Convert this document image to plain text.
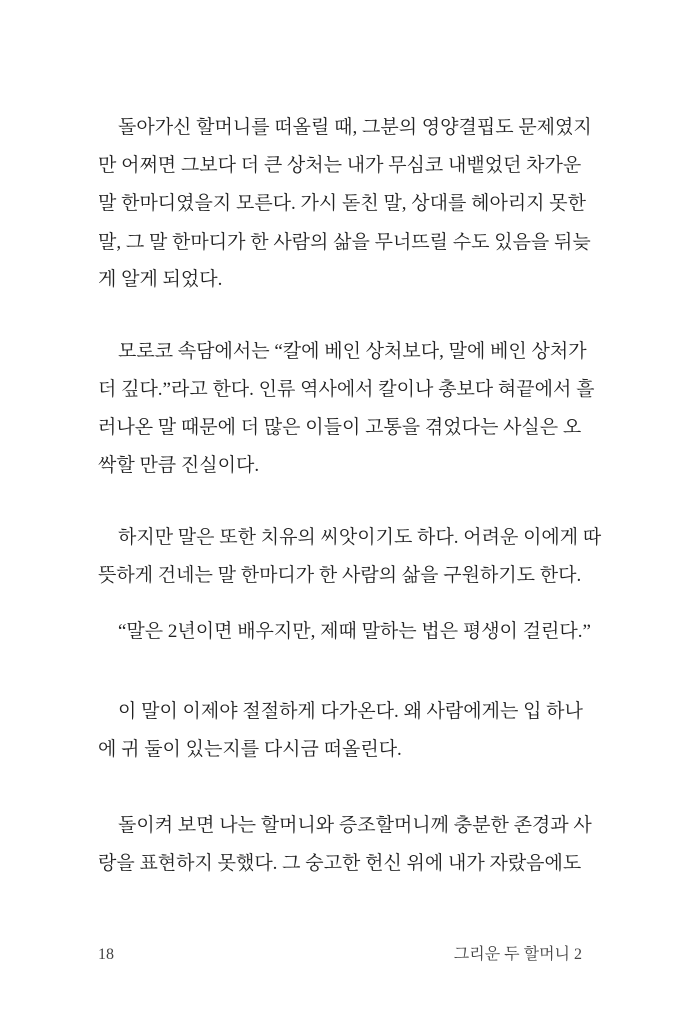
돌아가신 할머니를 떠올릴 때, 그분의 영양결핍도 문제였지
만 어쩌면 그보다 더 큰 상처는 내가 무심코 내뱉었던 차가운
말 한마디였을지 모른다. 가시 돋친 말, 상대를 헤아리지 못한
말, 그 말 한마디가 한 사람의 삶을 무너뜨릴 수도 있음을 뒤늦
게 알게 되었다.
모로코 속담에서는 “칼에 베인 상처보다, 말에 베인 상처가
더 깊다.”라고 한다. 인류 역사에서 칼이나 총보다 혀끝에서 흘
러나온 말 때문에 더 많은 이들이 고통을 겪었다는 사실은 오
싹할 만큼 진실이다.
하지만 말은 또한 치유의 씨앗이기도 하다. 어려운 이에게 따
뜻하게 건네는 말 한마디가 한 사람의 삶을 구원하기도 한다.
“말은 2년이면 배우지만, 제때 말하는 법은 평생이 걸린다.”
이 말이 이제야 절절하게 다가온다. 왜 사람에게는 입 하나
에 귀 둘이 있는지를 다시금 떠올린다.
돌이켜 보면 나는 할머니와 증조할머니께 충분한 존경과 사
랑을 표현하지 못했다. 그 숭고한 헌신 위에 내가 자랐음에도
18	그리운 두 할머니 2
